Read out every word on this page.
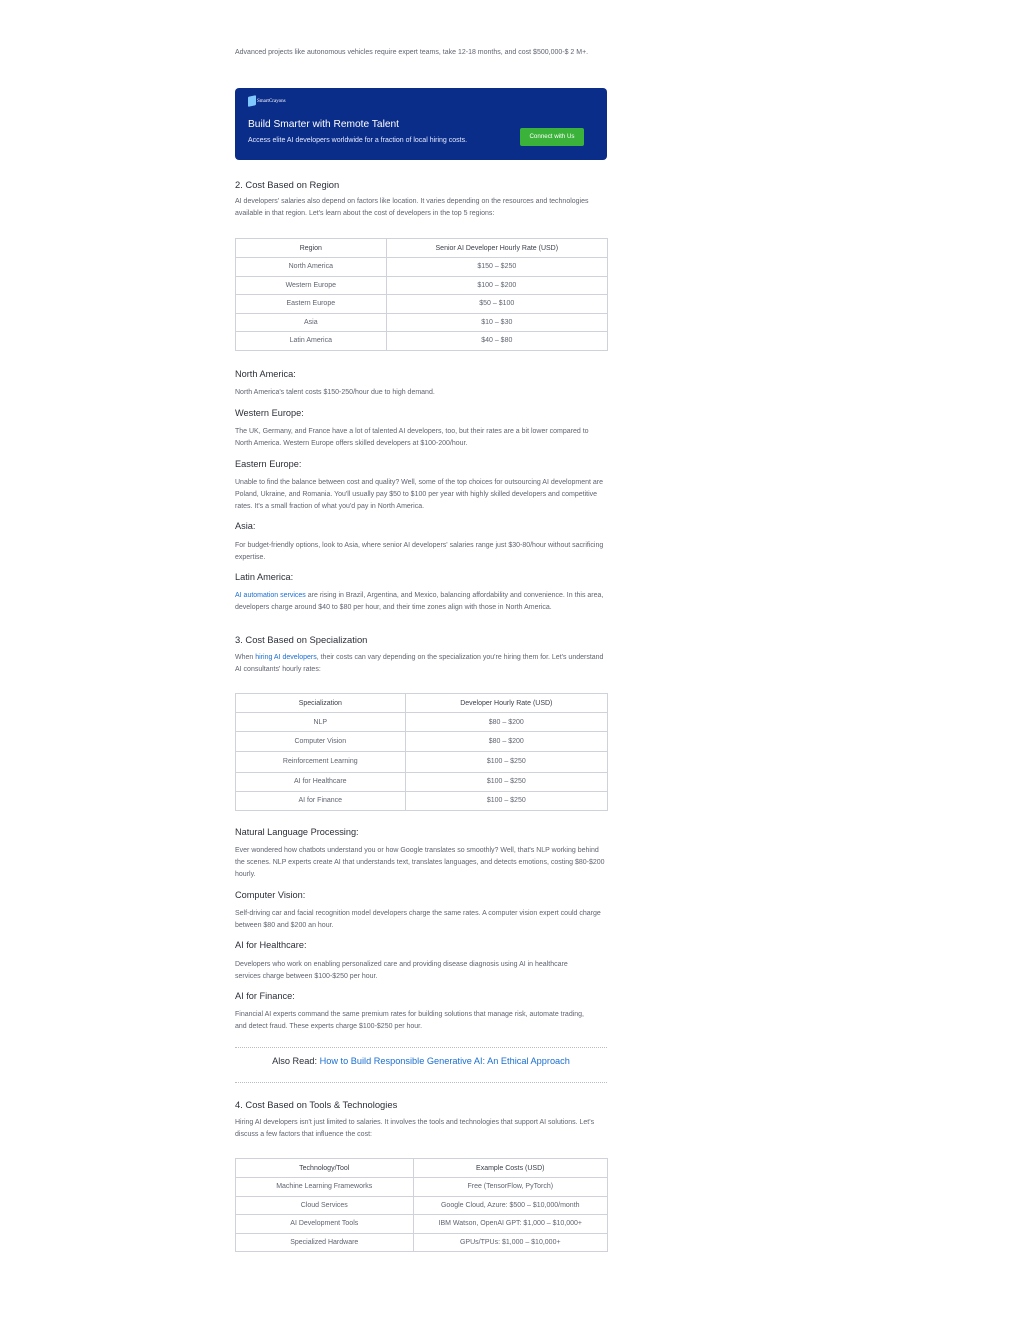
Advanced projects like autonomous vehicles require expert teams, take 12-18 months, and cost $500,000-$ 2 M+.

SmartCrayons
Build Smarter with Remote Talent
Access elite AI developers worldwide for a fraction of local hiring costs.
Connect with Us
2. Cost Based on Region

AI developers' salaries also depend on factors like location. It varies depending on the resources and technologies available in that region. Let's learn about the cost of developers in the top 5 regions:

Region	Senior AI Developer Hourly Rate (USD)
North America	$150 – $250
Western Europe	$100 – $200
Eastern Europe	$50 – $100
Asia	$10 – $30
Latin America	$40 – $80
North America:

North America's talent costs $150-250/hour due to high demand.

Western Europe:

The UK, Germany, and France have a lot of talented AI developers, too, but their rates are a bit lower compared to North America. Western Europe offers skilled developers at $100-200/hour.

Eastern Europe:

Unable to find the balance between cost and quality? Well, some of the top choices for outsourcing AI development are Poland, Ukraine, and Romania. You'll usually pay $50 to $100 per year with highly skilled developers and competitive rates. It's a small fraction of what you'd pay in North America.

Asia:

For budget-friendly options, look to Asia, where senior AI developers' salaries range just $30-80/hour without sacrificing expertise.

Latin America:

AI automation services are rising in Brazil, Argentina, and Mexico, balancing affordability and convenience. In this area, developers charge around $40 to $80 per hour, and their time zones align with those in North America.

3. Cost Based on Specialization

When hiring AI developers, their costs can vary depending on the specialization you're hiring them for. Let's understand AI consultants' hourly rates:

Specialization	Developer Hourly Rate (USD)
NLP	$80 – $200
Computer Vision	$80 – $200
Reinforcement Learning	$100 – $250
AI for Healthcare	$100 – $250
AI for Finance	$100 – $250
Natural Language Processing:

Ever wondered how chatbots understand you or how Google translates so smoothly? Well, that's NLP working behind the scenes. NLP experts create AI that understands text, translates languages, and detects emotions, costing $80-$200 hourly.

Computer Vision:

Self-driving car and facial recognition model developers charge the same rates. A computer vision expert could charge between $80 and $200 an hour.

AI for Healthcare:

Developers who work on enabling personalized care and providing disease diagnosis using AI in healthcare services charge between $100-$250 per hour.

AI for Finance:

Financial AI experts command the same premium rates for building solutions that manage risk, automate trading, and detect fraud. These experts charge $100-$250 per hour.

Also Read: How to Build Responsible Generative AI: An Ethical Approach
4. Cost Based on Tools & Technologies

Hiring AI developers isn't just limited to salaries. It involves the tools and technologies that support AI solutions. Let's discuss a few factors that influence the cost:

Technology/Tool	Example Costs (USD)
Machine Learning Frameworks	Free (TensorFlow, PyTorch)
Cloud Services	Google Cloud, Azure: $500 – $10,000/month
AI Development Tools	IBM Watson, OpenAI GPT: $1,000 – $10,000+
Specialized Hardware	GPUs/TPUs: $1,000 – $10,000+
